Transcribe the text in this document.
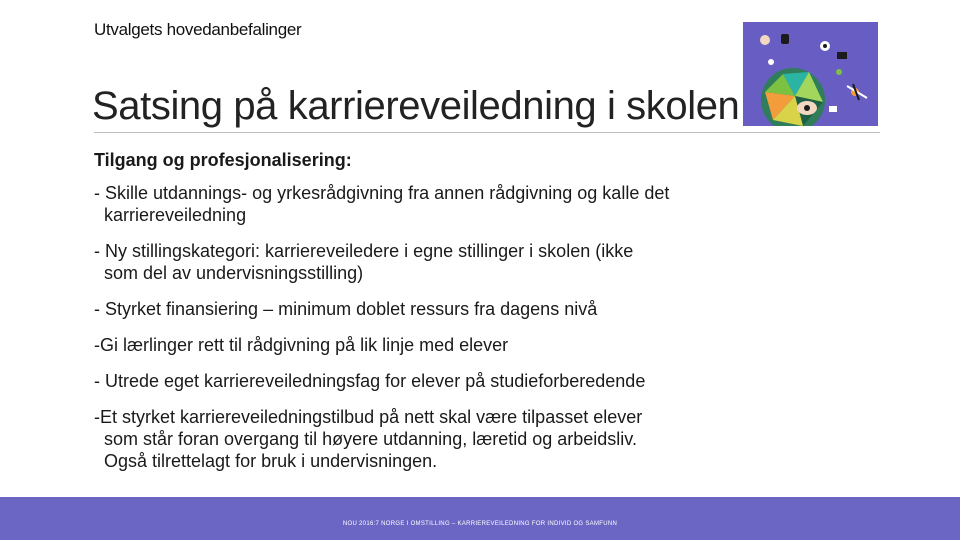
Utvalgets hovedanbefalinger
Satsing på karriereveiledning i skolen
Tilgang og profesjonalisering:
- Skille utdannings- og yrkesrådgivning fra annen rådgivning og kalle det
karriereveiledning
- Ny stillingskategori: karriereveiledere i egne stillinger i skolen (ikke
som del av undervisningsstilling)
- Styrket finansiering – minimum doblet ressurs fra dagens nivå
-Gi lærlinger rett til rådgivning på lik linje med elever
- Utrede eget karriereveiledningsfag for elever på studieforberedende
-Et styrket karriereveiledningstilbud på nett skal være tilpasset elever
som står foran overgang til høyere utdanning, læretid og arbeidsliv.
Også tilrettelagt for bruk i undervisningen.
NOU 2016:7 NORGE I OMSTILLING – KARRIEREVEILEDNING FOR INDIVID OG SAMFUNN
